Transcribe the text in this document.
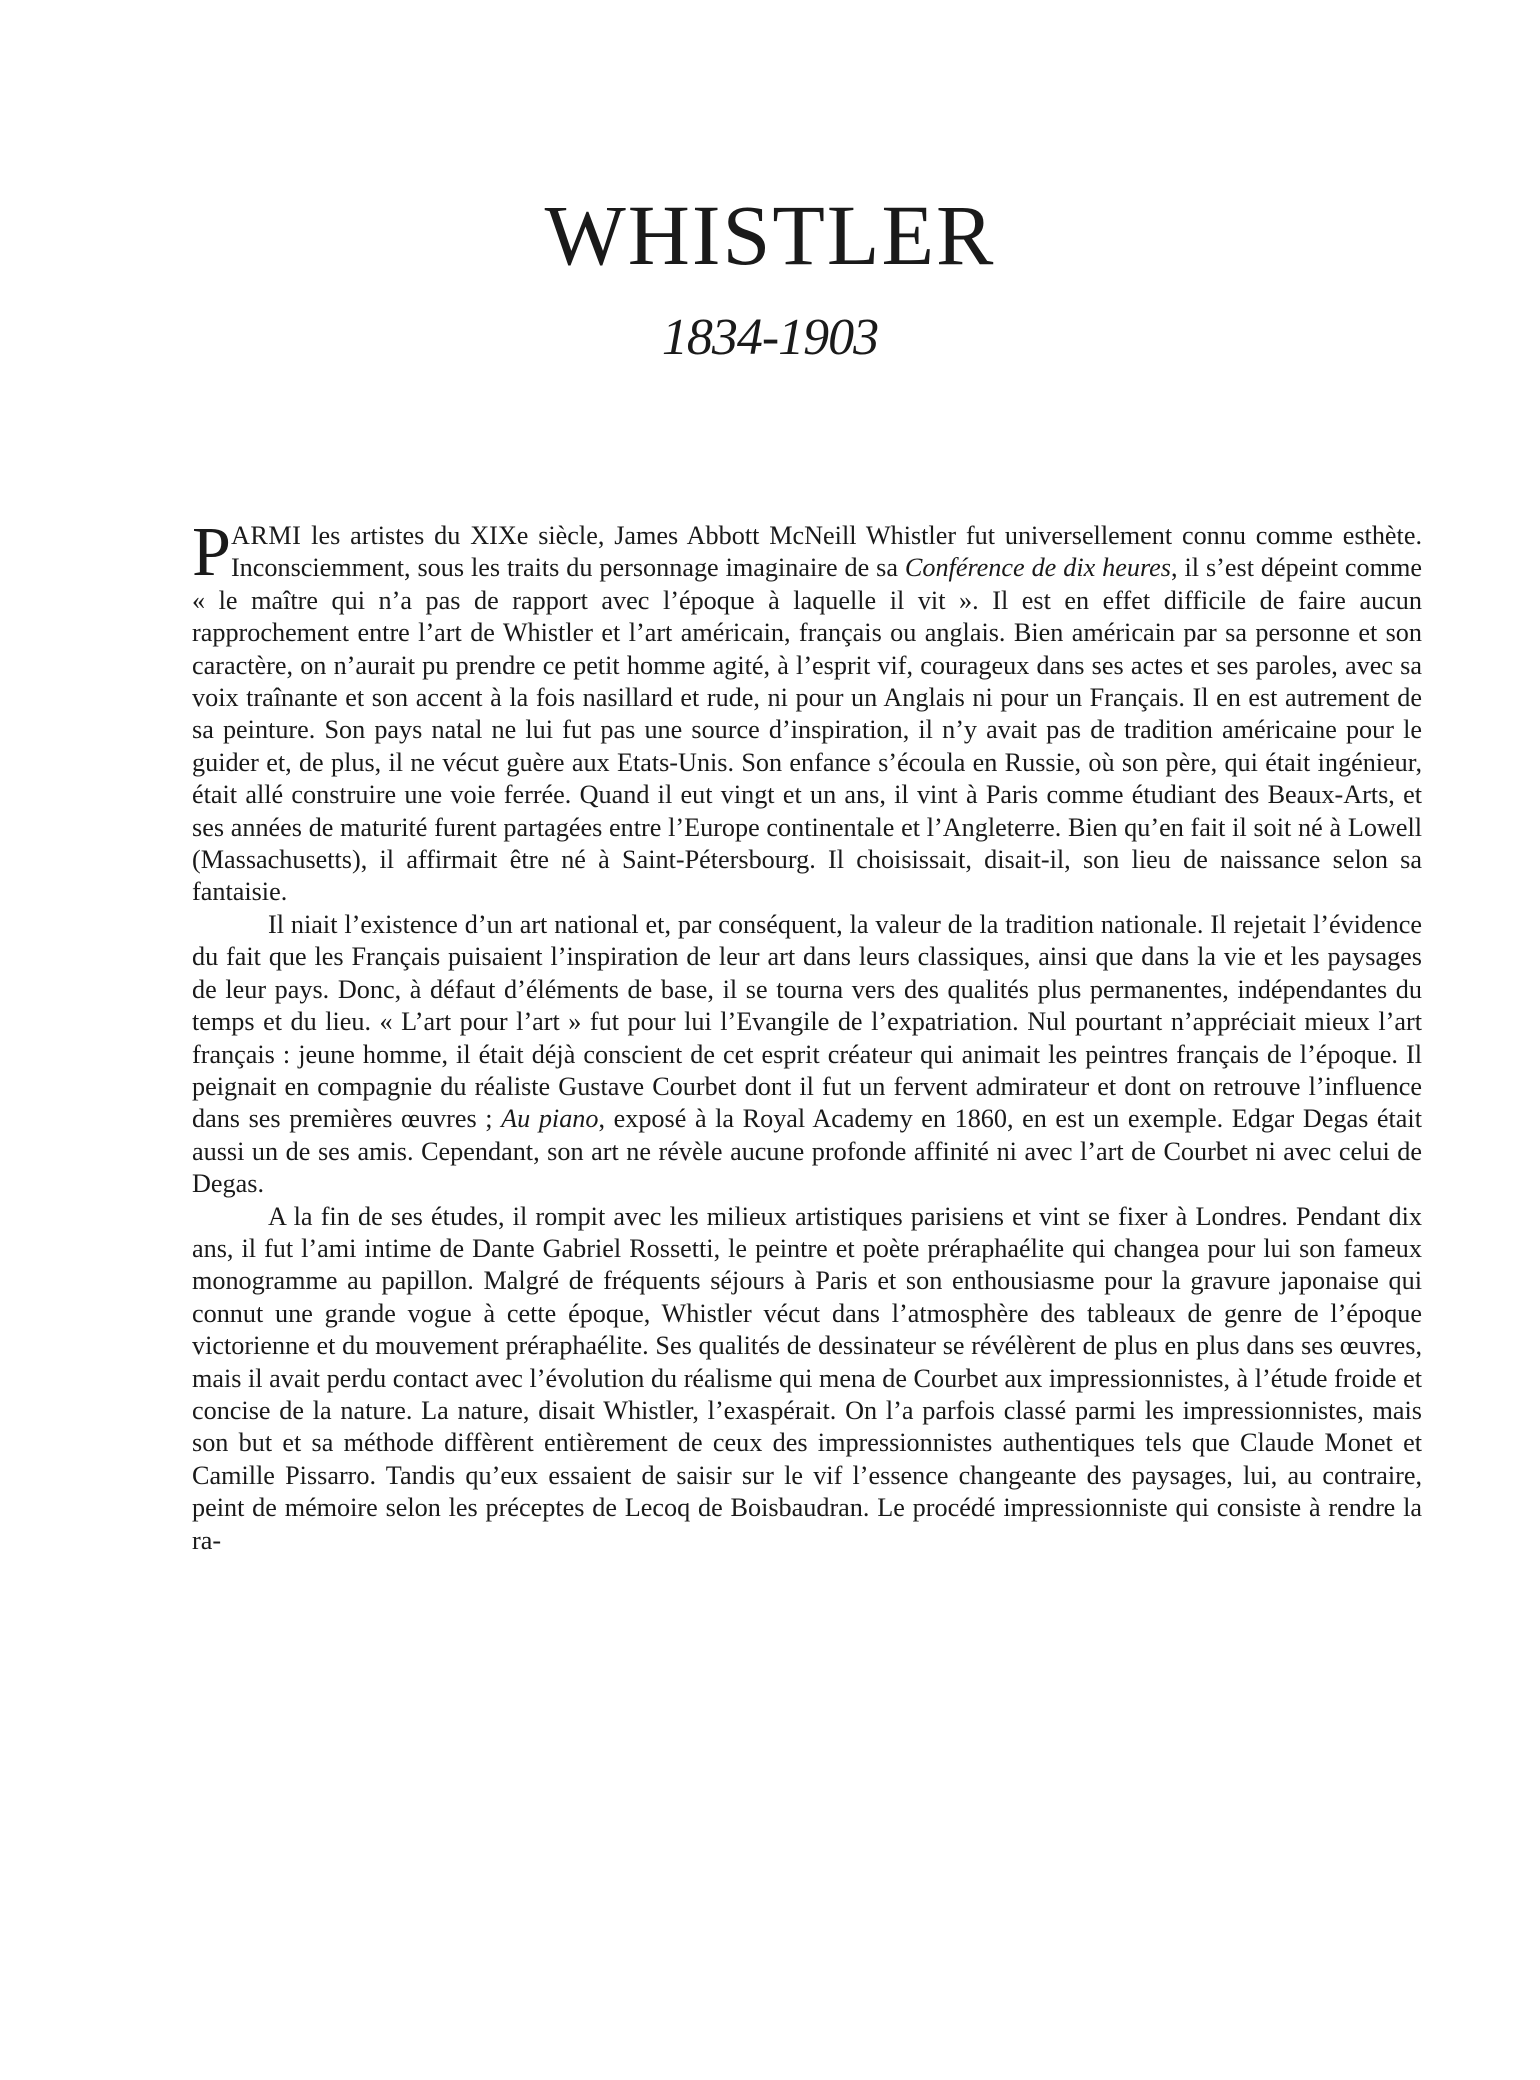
WHISTLER
1834-1903

PARMI les artistes du XIXe siècle, James Abbott McNeill Whistler fut universellement connu comme esthète. Inconsciemment, sous les traits du personnage imaginaire de sa Conférence de dix heures, il s’est dépeint comme « le maître qui n’a pas de rapport avec l’époque à laquelle il vit ». Il est en effet difficile de faire aucun rapprochement entre l’art de Whistler et l’art américain, français ou anglais. Bien américain par sa personne et son caractère, on n’aurait pu prendre ce petit homme agité, à l’esprit vif, courageux dans ses actes et ses paroles, avec sa voix traînante et son accent à la fois nasillard et rude, ni pour un Anglais ni pour un Français. Il en est autrement de sa peinture. Son pays natal ne lui fut pas une source d’inspiration, il n’y avait pas de tradition américaine pour le guider et, de plus, il ne vécut guère aux Etats-Unis. Son enfance s’écoula en Russie, où son père, qui était ingénieur, était allé construire une voie ferrée. Quand il eut vingt et un ans, il vint à Paris comme étudiant des Beaux-Arts, et ses années de maturité furent partagées entre l’Europe continentale et l’Angleterre. Bien qu’en fait il soit né à Lowell (Massachusetts), il affirmait être né à Saint-Pétersbourg. Il choisissait, disait-il, son lieu de naissance selon sa fantaisie.

Il niait l’existence d’un art national et, par conséquent, la valeur de la tradition nationale. Il rejetait l’évidence du fait que les Français puisaient l’inspiration de leur art dans leurs classiques, ainsi que dans la vie et les paysages de leur pays. Donc, à défaut d’éléments de base, il se tourna vers des qualités plus permanentes, indépendantes du temps et du lieu. « L’art pour l’art » fut pour lui l’Evangile de l’expatriation. Nul pourtant n’appréciait mieux l’art français : jeune homme, il était déjà conscient de cet esprit créateur qui animait les peintres français de l’époque. Il peignait en compagnie du réaliste Gustave Courbet dont il fut un fervent admirateur et dont on retrouve l’influence dans ses premières œuvres ; Au piano, exposé à la Royal Academy en 1860, en est un exemple. Edgar Degas était aussi un de ses amis. Cependant, son art ne révèle aucune profonde affinité ni avec l’art de Courbet ni avec celui de Degas.

A la fin de ses études, il rompit avec les milieux artistiques parisiens et vint se fixer à Londres. Pendant dix ans, il fut l’ami intime de Dante Gabriel Rossetti, le peintre et poète préraphaélite qui changea pour lui son fameux monogramme au papillon. Malgré de fréquents séjours à Paris et son enthousiasme pour la gravure japonaise qui connut une grande vogue à cette époque, Whistler vécut dans l’atmosphère des tableaux de genre de l’époque victorienne et du mouvement préraphaélite. Ses qualités de dessinateur se révélèrent de plus en plus dans ses œuvres, mais il avait perdu contact avec l’évolution du réalisme qui mena de Courbet aux impressionnistes, à l’étude froide et concise de la nature. La nature, disait Whistler, l’exaspérait. On l’a parfois classé parmi les impressionnistes, mais son but et sa méthode diffèrent entièrement de ceux des impressionnistes authentiques tels que Claude Monet et Camille Pissarro. Tandis qu’eux essaient de saisir sur le vif l’essence changeante des paysages, lui, au contraire, peint de mémoire selon les préceptes de Lecoq de Boisbaudran. Le procédé impressionniste qui consiste à rendre la ra-
